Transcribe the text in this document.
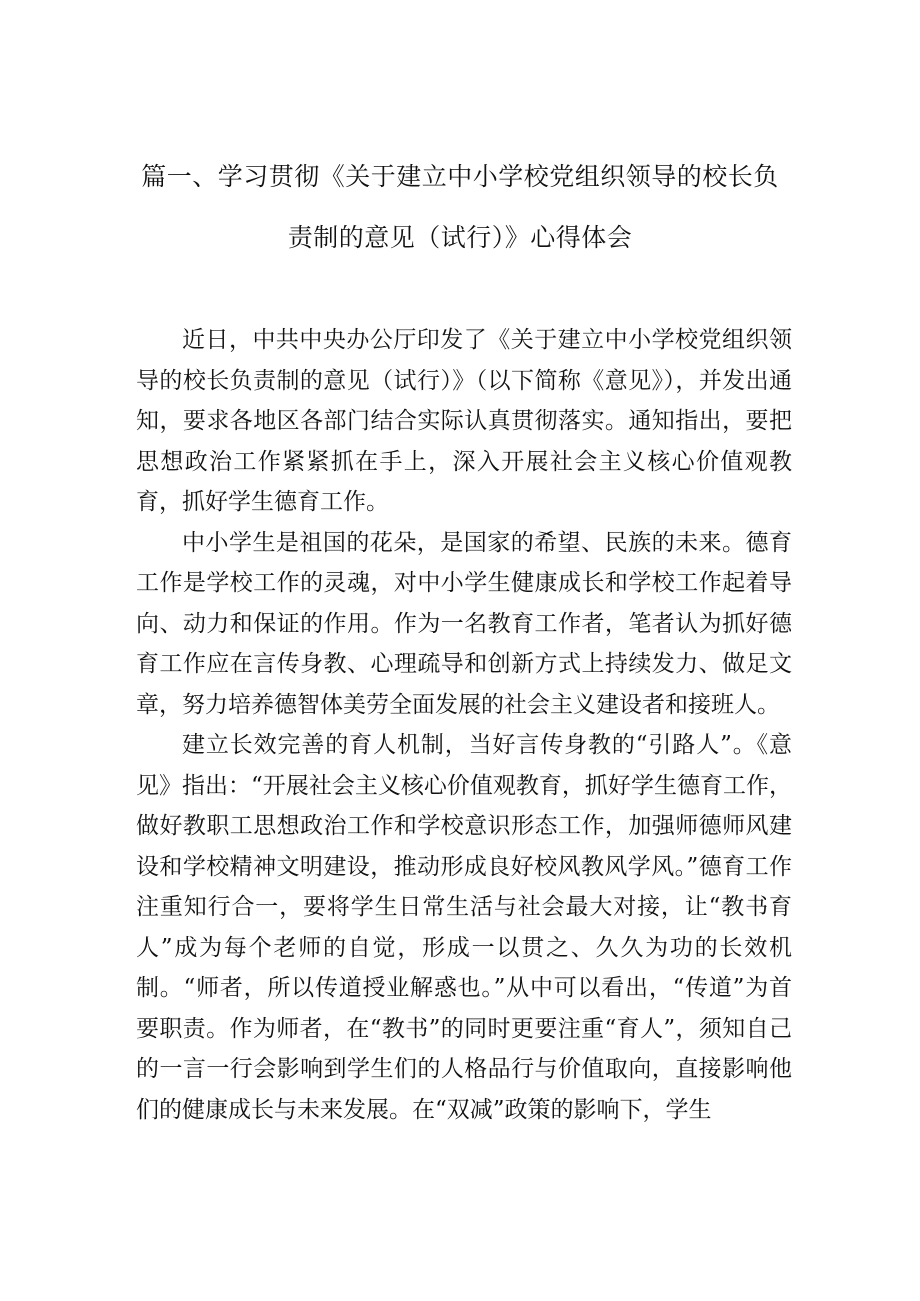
篇一、学习贯彻《关于建立中小学校党组织领导的校长负
责制的意见（试行）》心得体会

近日，中共中央办公厅印发了《关于建立中小学校党组织领导的校长负责制的意见（试行）》（以下简称《意见》），并发出通知，要求各地区各部门结合实际认真贯彻落实。通知指出，要把思想政治工作紧紧抓在手上，深入开展社会主义核心价值观教育，抓好学生德育工作。

中小学生是祖国的花朵，是国家的希望、民族的未来。德育工作是学校工作的灵魂，对中小学生健康成长和学校工作起着导向、动力和保证的作用。作为一名教育工作者，笔者认为抓好德育工作应在言传身教、心理疏导和创新方式上持续发力、做足文章，努力培养德智体美劳全面发展的社会主义建设者和接班人。

建立长效完善的育人机制，当好言传身教的“引路人”。《意见》指出：“开展社会主义核心价值观教育，抓好学生德育工作，做好教职工思想政治工作和学校意识形态工作，加强师德师风建设和学校精神文明建设，推动形成良好校风教风学风。”德育工作注重知行合一，要将学生日常生活与社会最大对接，让“教书育人”成为每个老师的自觉，形成一以贯之、久久为功的长效机制。“师者，所以传道授业解惑也。”从中可以看出，“传道”为首要职责。作为师者，在“教书”的同时更要注重“育人”，须知自己的一言一行会影响到学生们的人格品行与价值取向，直接影响他们的健康成长与未来发展。在“双减”政策的影响下，学生
